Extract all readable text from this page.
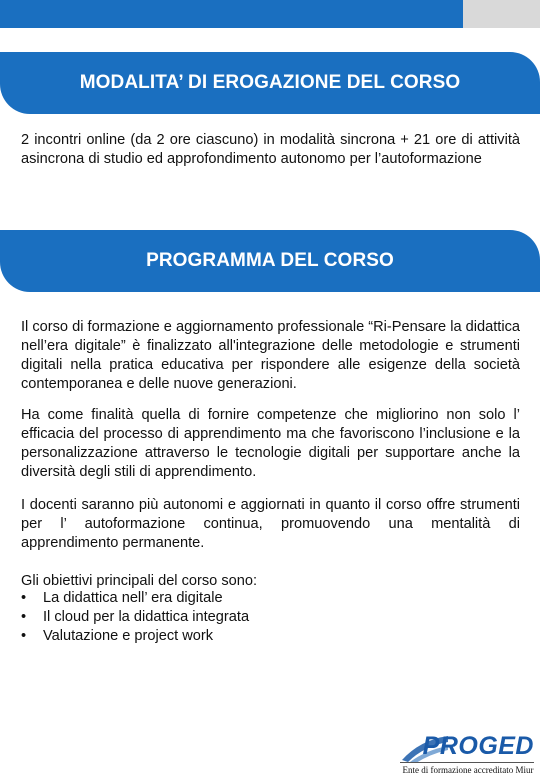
MODALITA’ DI EROGAZIONE DEL CORSO

2 incontri online (da 2 ore ciascuno) in modalità sincrona + 21 ore di attività asincrona di studio ed approfondimento autonomo per l’autoformazione

PROGRAMMA DEL CORSO

Il corso di formazione e aggiornamento professionale “Ri-Pensare la didattica nell’era digitale” è finalizzato all'integrazione delle metodologie e strumenti digitali nella pratica educativa per rispondere alle esigenze della società contemporanea e delle nuove generazioni.

Ha come finalità quella di fornire competenze che migliorino non solo l’ efficacia del processo di apprendimento ma che favoriscono l’inclusione e la personalizzazione attraverso le tecnologie digitali per supportare anche la diversità degli stili di apprendimento.

I docenti saranno più autonomi e aggiornati in quanto il corso offre strumenti per l’ autoformazione continua, promuovendo una mentalità di apprendimento permanente.

Gli obiettivi principali del corso sono:

• La didattica nell’ era digitale
• Il cloud per la didattica integrata
• Valutazione e project work
PROGED
Ente di formazione accreditato Miur
